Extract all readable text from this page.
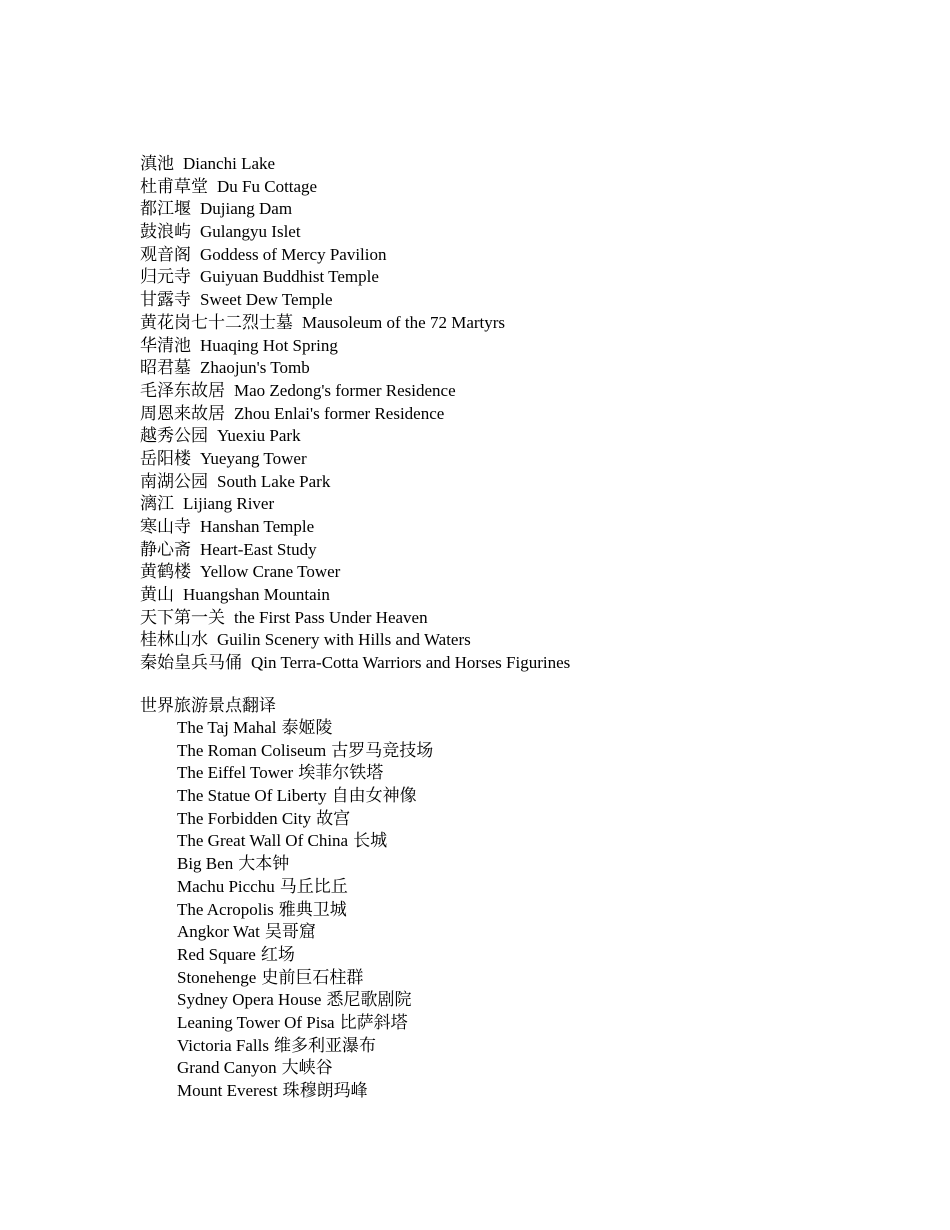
滇池 Dianchi Lake
杜甫草堂 Du Fu Cottage
都江堰 Dujiang Dam
鼓浪屿 Gulangyu Islet
观音阁 Goddess of Mercy Pavilion
归元寺 Guiyuan Buddhist Temple
甘露寺 Sweet Dew Temple
黄花岗七十二烈士墓 Mausoleum of the 72 Martyrs
华清池 Huaqing Hot Spring
昭君墓 Zhaojun's Tomb
毛泽东故居 Mao Zedong's former Residence
周恩来故居 Zhou Enlai's former Residence
越秀公园 Yuexiu Park
岳阳楼 Yueyang Tower
南湖公园 South Lake Park
漓江 Lijiang River
寒山寺 Hanshan Temple
静心斋 Heart-East Study
黄鹤楼 Yellow Crane Tower
黄山 Huangshan Mountain
天下第一关 the First Pass Under Heaven
桂林山水 Guilin Scenery with Hills and Waters
秦始皇兵马俑 Qin Terra-Cotta Warriors and Horses Figurines
世界旅游景点翻译
The Taj Mahal 泰姬陵
The Roman Coliseum 古罗马竞技场
The Eiffel Tower 埃菲尔铁塔
The Statue Of Liberty 自由女神像
The Forbidden City 故宫
The Great Wall Of China 长城
Big Ben 大本钟
Machu Picchu 马丘比丘
The Acropolis 雅典卫城
Angkor Wat 吴哥窟
Red Square 红场
Stonehenge 史前巨石柱群
Sydney Opera House 悉尼歌剧院
Leaning Tower Of Pisa 比萨斜塔
Victoria Falls 维多利亚瀑布
Grand Canyon 大峡谷
Mount Everest 珠穆朗玛峰
